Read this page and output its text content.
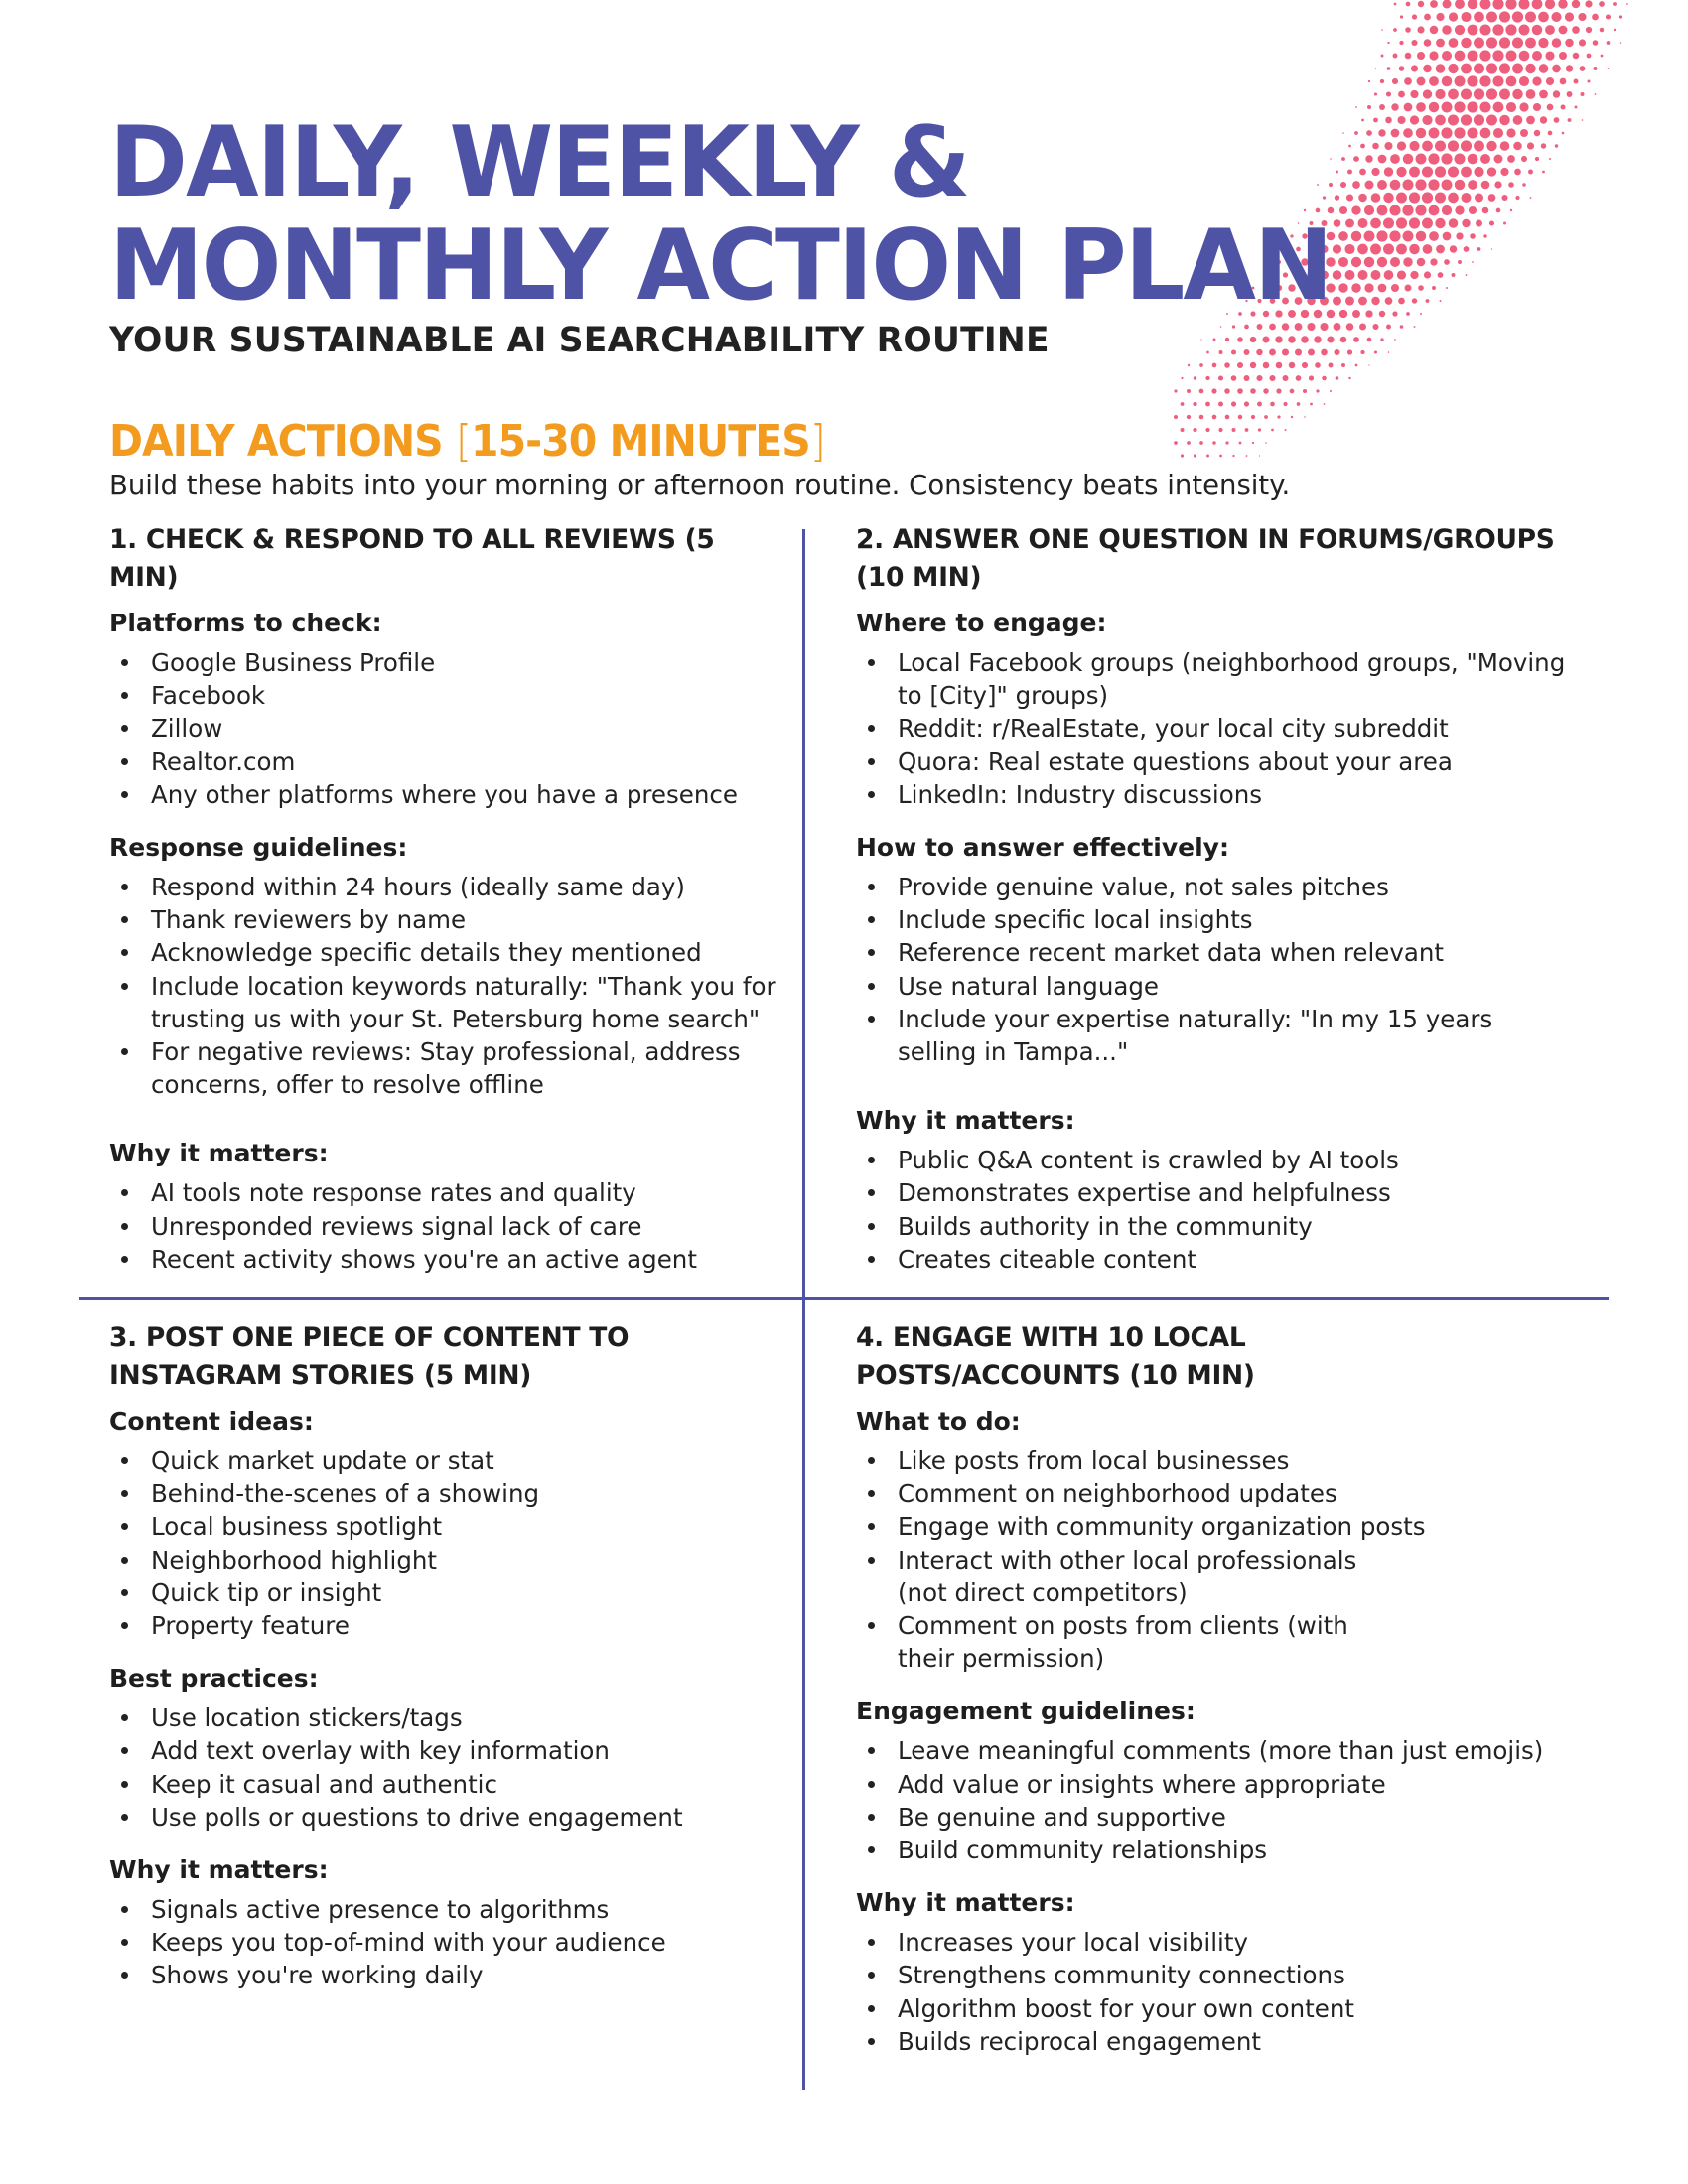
DAILY, WEEKLY &
MONTHLY ACTION PLAN
YOUR SUSTAINABLE AI SEARCHABILITY ROUTINE
DAILY ACTIONS [15-30 MINUTES]

Build these habits into your morning or afternoon routine. Consistency beats intensity.

1. CHECK & RESPOND TO ALL REVIEWS (5 MIN)
Platforms to check:
Google Business Profile
Facebook
Zillow
Realtor.com
Any other platforms where you have a presence
Response guidelines:
Respond within 24 hours (ideally same day)
Thank reviewers by name
Acknowledge specific details they mentioned
Include location keywords naturally: "Thank you for trusting us with your St. Petersburg home search"
For negative reviews: Stay professional, address concerns, offer to resolve offline
Why it matters:
AI tools note response rates and quality
Unresponded reviews signal lack of care
Recent activity shows you're an active agent
2. ANSWER ONE QUESTION IN FORUMS/GROUPS (10 MIN)
Where to engage:
Local Facebook groups (neighborhood groups, "Moving to [City]" groups)
Reddit: r/RealEstate, your local city subreddit
Quora: Real estate questions about your area
LinkedIn: Industry discussions
How to answer effectively:
Provide genuine value, not sales pitches
Include specific local insights
Reference recent market data when relevant
Use natural language
Include your expertise naturally: "In my 15 years selling in Tampa..."
Why it matters:
Public Q&A content is crawled by AI tools
Demonstrates expertise and helpfulness
Builds authority in the community
Creates citeable content
3. POST ONE PIECE OF CONTENT TO INSTAGRAM STORIES (5 MIN)
Content ideas:
Quick market update or stat
Behind-the-scenes of a showing
Local business spotlight
Neighborhood highlight
Quick tip or insight
Property feature
Best practices:
Use location stickers/tags
Add text overlay with key information
Keep it casual and authentic
Use polls or questions to drive engagement
Why it matters:
Signals active presence to algorithms
Keeps you top-of-mind with your audience
Shows you're working daily
4. ENGAGE WITH 10 LOCAL POSTS/ACCOUNTS (10 MIN)
What to do:
Like posts from local businesses
Comment on neighborhood updates
Engage with community organization posts
Interact with other local professionals (not direct competitors)
Comment on posts from clients (with their permission)
Engagement guidelines:
Leave meaningful comments (more than just emojis)
Add value or insights where appropriate
Be genuine and supportive
Build community relationships
Why it matters:
Increases your local visibility
Strengthens community connections
Algorithm boost for your own content
Builds reciprocal engagement
